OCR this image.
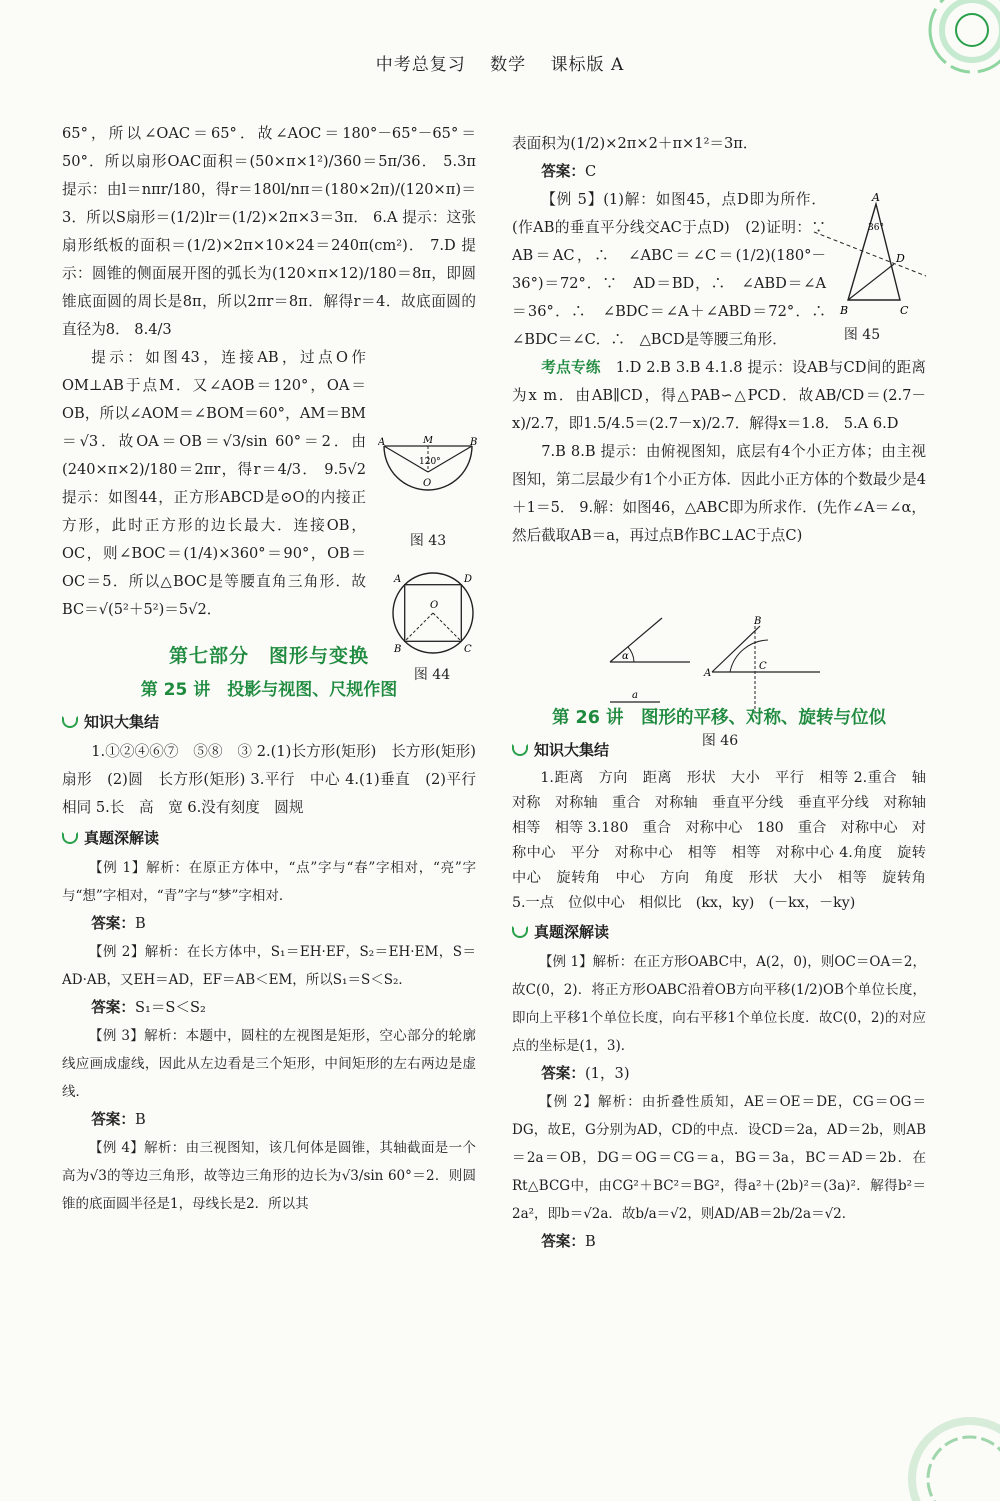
中考总复习 数学 课标版 A

65°，所以∠OAC＝65°．故∠AOC＝180°－65°－65°＝50°．所以扇形OAC面积＝(50×π×1²)/360＝5π/36． 5.3π 提示：由l＝nπr/180，得r＝180l/nπ＝(180×2π)/(120×π)＝3．所以S扇形＝(1/2)lr＝(1/2)×2π×3＝3π． 6.A 提示：这张扇形纸板的面积＝(1/2)×2π×10×24＝240π(cm²)． 7.D 提示：圆锥的侧面展开图的弧长为(120×π×12)/180＝8π，即圆锥底面圆的周长是8π，所以2πr＝8π．解得r＝4．故底面圆的直径为8． 8.4/3

提示：如图43，连接AB，过点O作OM⊥AB于点M．又∠AOB＝120°，OA＝OB，所以∠AOM＝∠BOM＝60°，AM＝BM＝√3．故OA＝OB＝√3/sin 60°＝2．由(240×π×2)/180＝2πr，得r＝4/3． 9.5√2 提示：如图44，正方形ABCD是⊙O的内接正方形，此时正方形的边长最大．连接OB，OC，则∠BOC＝(1/4)×360°＝90°，OB＝OC＝5．所以△BOC是等腰直角三角形．故BC＝√(5²＋5²)＝5√2．

第七部分　图形与变换
第 25 讲　投影与视图、尺规作图
知识大集结

1.①②④⑥⑦　⑤⑧　③ 2.(1)长方形(矩形)　长方形(矩形)　扇形　(2)圆　长方形(矩形) 3.平行　中心 4.(1)垂直　(2)平行　相同 5.长　高　宽 6.没有刻度　圆规

真题深解读

【例 1】解析：在原正方体中，“点”字与“春”字相对，“亮”字与“想”字相对，“青”字与“梦”字相对．

答案：B

【例 2】解析：在长方体中，S₁＝EH·EF，S₂＝EH·EM，S＝AD·AB，又EH＝AD，EF＝AB＜EM，所以S₁＝S＜S₂．

答案：S₁＝S＜S₂

【例 3】解析：本题中，圆柱的左视图是矩形，空心部分的轮廓线应画成虚线，因此从左边看是三个矩形，中间矩形的左右两边是虚线．

答案：B

【例 4】解析：由三视图知，该几何体是圆锥，其轴截面是一个高为√3的等边三角形，故等边三角形的边长为√3/sin 60°＝2．则圆锥的底面圆半径是1，母线长是2．所以其

A	B
M
120°
O
图 43
A	D
B	C
O
图 44

表面积为(1/2)×2π×2＋π×1²＝3π．

答案：C

【例 5】(1)解：如图45，点D即为所作．(作AB的垂直平分线交AC于点D)　(2)证明：∵　AB＝AC，∴　∠ABC＝∠C＝(1/2)(180°－36°)＝72°．∵　AD＝BD，∴　∠ABD＝∠A＝36°．∴　∠BDC＝∠A＋∠ABD＝72°．∴　∠BDC＝∠C．∴　△BCD是等腰三角形．

考点专练　 1.D 2.B 3.B 4.1.8 提示：设AB与CD间的距离为x m．由AB∥CD，得△PAB∽△PCD．故AB/CD＝(2.7－x)/2.7，即1.5/4.5＝(2.7－x)/2.7．解得x＝1.8． 5.A 6.D

7.B 8.B 提示：由俯视图知，底层有4个小正方体；由主视图知，第二层最少有1个小正方体．因此小正方体的个数最少是4＋1＝5． 9.解：如图46，△ABC即为所求作．(先作∠A＝∠α，然后截取AB＝a，再过点B作BC⊥AC于点C)

第 26 讲　图形的平移、对称、旋转与位似
知识大集结

1.距离　方向　距离　形状　大小　平行　相等 2.重合　轴对称　对称轴　重合　对称轴　垂直平分线　垂直平分线　对称轴　相等　相等 3.180　重合　对称中心　180　重合　对称中心　对称中心　平分　对称中心　相等　相等　对称中心 4.角度　旋转中心　旋转角　中心　方向　角度　形状　大小　相等　旋转角 5.一点　位似中心　相似比　(kx，ky)　(－kx，－ky)

真题深解读

【例 1】解析：在正方形OABC中，A(2，0)，则OC＝OA＝2，故C(0，2)．将正方形OABC沿着OB方向平移(1/2)OB个单位长度，即向上平移1个单位长度，向右平移1个单位长度．故C(0，2)的对应点的坐标是(1，3)．

答案：(1，3)

【例 2】解析：由折叠性质知，AE＝OE＝DE，CG＝OG＝DG，故E，G分别为AD，CD的中点．设CD＝2a，AD＝2b，则AB＝2a＝OB，DG＝OG＝CG＝a，BG＝3a，BC＝AD＝2b．在Rt△BCG中，由CG²＋BC²＝BG²，得a²＋(2b)²＝(3a)²．解得b²＝2a²，即b＝√2a．故b/a＝√2，则AD/AB＝2b/2a＝√2．

答案：B

A
36°
D
B	C
图 45
α
a
A
B
C
图 46
